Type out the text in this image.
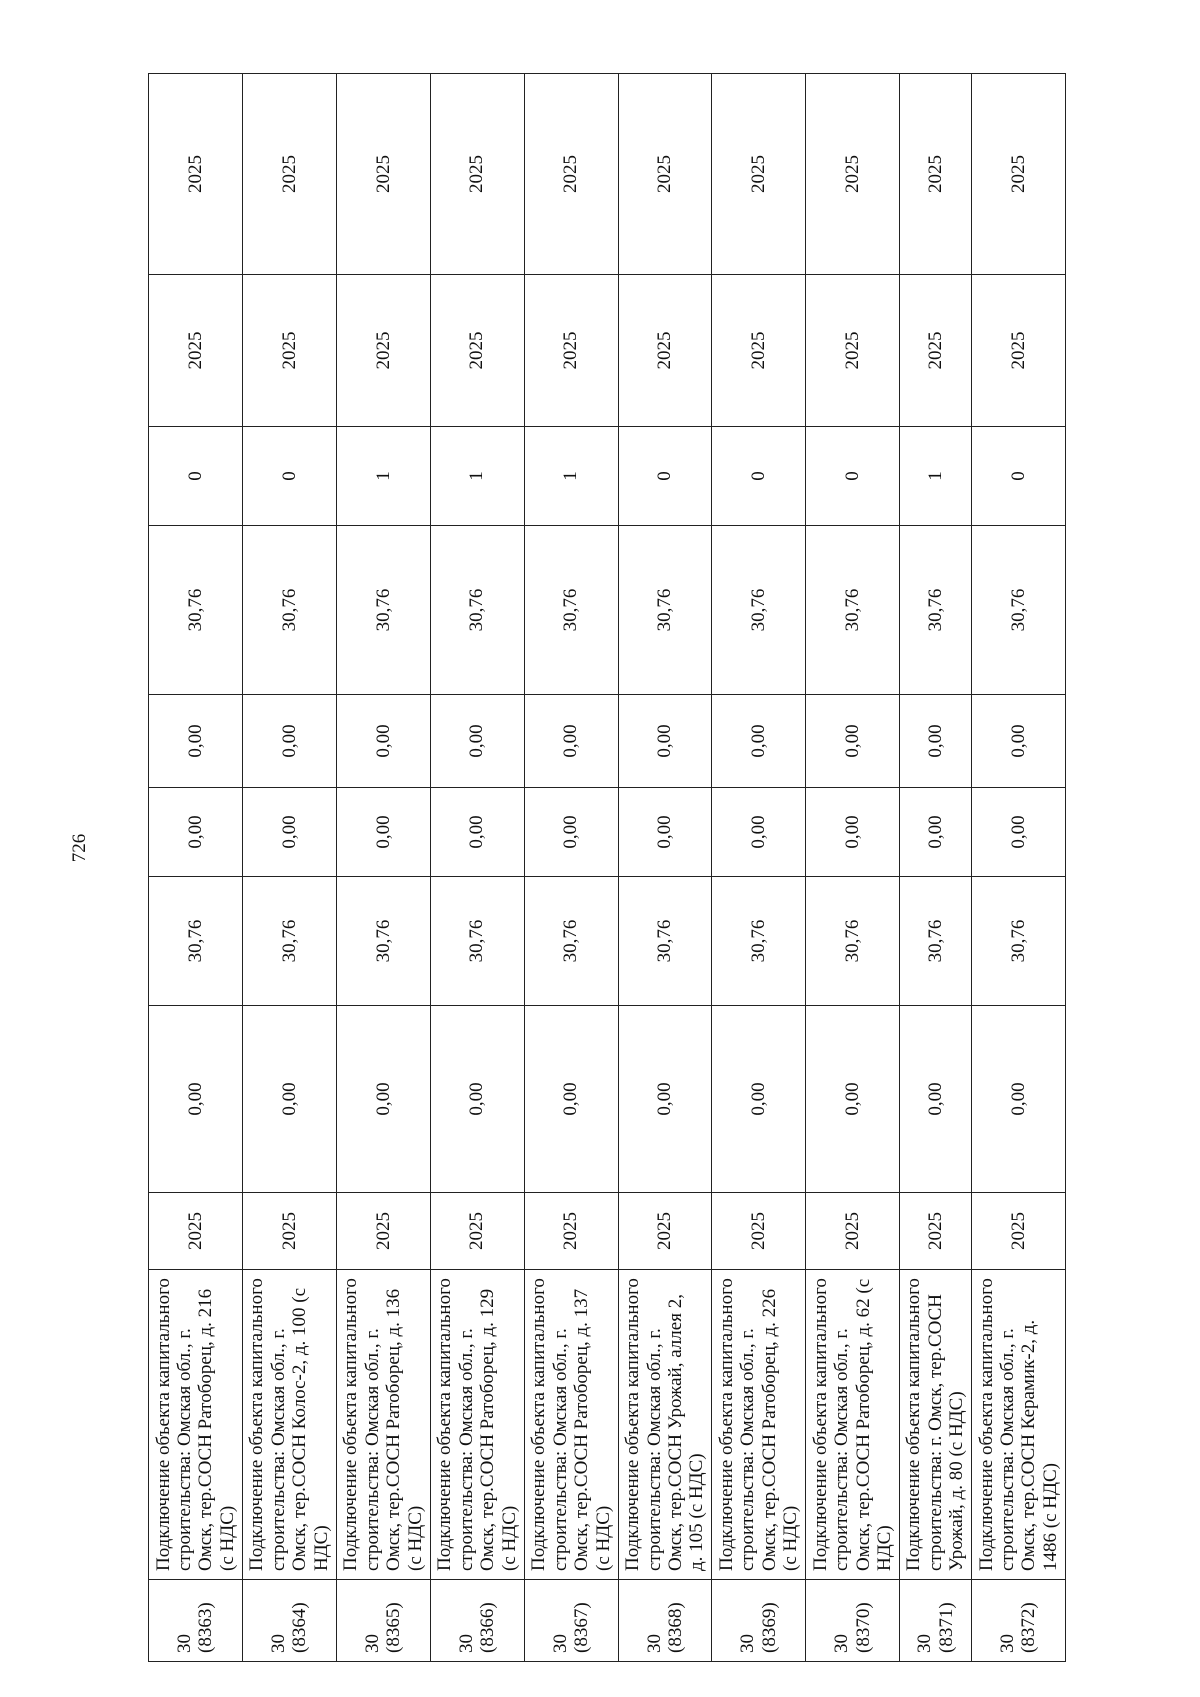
726
30 (8363)	Подключение объекта капитального строительства: Омская обл., г. Омск, тер.СОСН Ратоборец, д. 216 (с НДС)	2025	0,00	30,76	0,00	0,00	30,76	0	2025	2025

30 (8364)	Подключение объекта капитального строительства: Омская обл., г. Омск, тер.СОСН Колос-2, д. 100 (с НДС)	2025	0,00	30,76	0,00	0,00	30,76	0	2025	2025

30 (8365)	Подключение объекта капитального строительства: Омская обл., г. Омск, тер.СОСН Ратоборец, д. 136 (с НДС)	2025	0,00	30,76	0,00	0,00	30,76	1	2025	2025

30 (8366)	Подключение объекта капитального строительства: Омская обл., г. Омск, тер.СОСН Ратоборец, д. 129 (с НДС)	2025	0,00	30,76	0,00	0,00	30,76	1	2025	2025

30 (8367)	Подключение объекта капитального строительства: Омская обл., г. Омск, тер.СОСН Ратоборец, д. 137 (с НДС)	2025	0,00	30,76	0,00	0,00	30,76	1	2025	2025

30 (8368)	Подключение объекта капитального строительства: Омская обл., г. Омск, тер.СОСН Урожай, аллея 2, д. 105 (с НДС)	2025	0,00	30,76	0,00	0,00	30,76	0	2025	2025

30 (8369)	Подключение объекта капитального строительства: Омская обл., г. Омск, тер.СОСН Ратоборец, д. 226 (с НДС)	2025	0,00	30,76	0,00	0,00	30,76	0	2025	2025

30 (8370)	Подключение объекта капитального строительства: Омская обл., г. Омск, тер.СОСН Ратоборец, д. 62 (с НДС)	2025	0,00	30,76	0,00	0,00	30,76	0	2025	2025

30 (8371)	Подключение объекта капитального строительства: г. Омск, тер.СОСН Урожай, д. 80 (с НДС)	2025	0,00	30,76	0,00	0,00	30,76	1	2025	2025

30 (8372)	Подключение объекта капитального строительства: Омская обл., г. Омск, тер.СОСН Керамик-2, д. 1486 (с НДС)	2025	0,00	30,76	0,00	0,00	30,76	0	2025	2025
